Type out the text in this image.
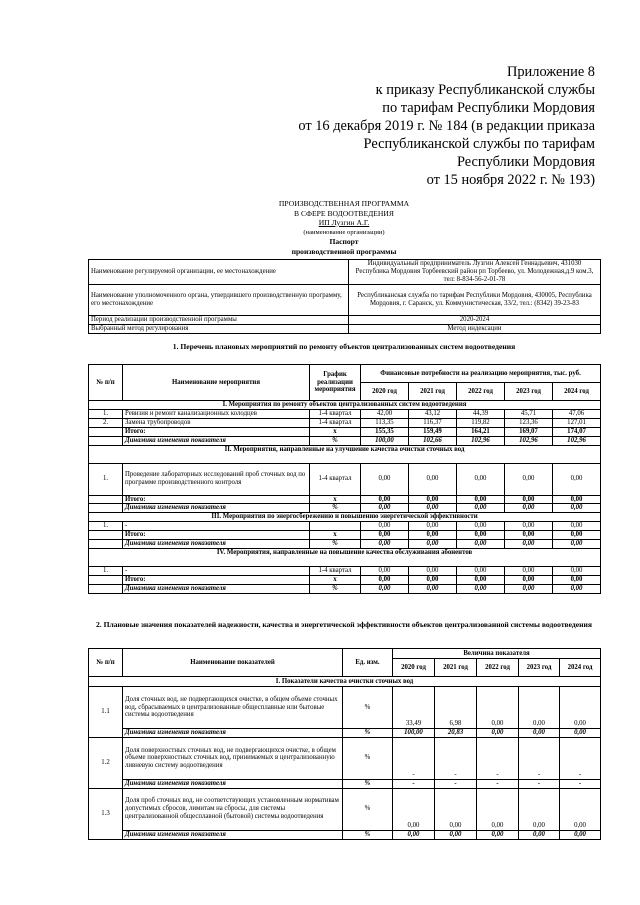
Приложение 8
к приказу Республиканской службы
по тарифам Республики Мордовия
от 16 декабря 2019 г. № 184 (в редакции приказа
Республиканской службы по тарифам
Республики Мордовия
от 15 ноября 2022 г. № 193)
ПРОИЗВОДСТВЕННАЯ ПРОГРАММА
В СФЕРЕ ВОДООТВЕДЕНИЯ
ИП Лузгин А.Г.
(наименование организации)
Паспорт
производственной программы
Наименование регулируемой организации, ее местонахождение	Индивидуальный предприниматель Лузгин Алексей Геннадьевич, 431030 Республика Мордовия Торбеевский район рп Торбеево, ул. Молодежная,д.9 ком.3, тел: 8-834-56-2-01-78
Наименование уполномоченного органа, утвердившего производственную программу, его местонахождение	Республиканская служба по тарифам Республики Мордовия, 430005, Республика Мордовия, г. Саранск, ул. Коммунистическая, 33/2, тел.: (8342) 39-23-83
Период реализации производственной программы	2020-2024
Выбранный метод регулирования	Метод индексации
1. Перечень плановых мероприятий по ремонту объектов централизованных систем водоотведения
№ п/п	Наименование мероприятия	График реализации мероприятия	Финансовые потребности на реализацию мероприятия, тыс. руб.				
			2020 год	2021 год	2022 год	2023 год	2024 год
I. Мероприятия по ремонту объектов централизованных систем водоотведения							
1.	Ревизия и ремонт канализационных колодцев	1-4 квартал	42,00	43,12	44,39	45,71	47,06
2.	Замена трубопроводов	1-4 квартал	113,35	116,37	119,82	123,36	127,01
	Итого:	x	155,35	159,49	164,21	169,07	174,07
	Динамика изменения показателя	%	100,00	102,66	102,96	102,96	102,96
II. Мероприятия, направленные на улучшение качества очистки сточных вод							
1.	Проведение лабораторных исследований проб сточных вод по программе производственного контроля	1-4 квартал	0,00	0,00	0,00	0,00	0,00
	Итого:	x	0,00	0,00	0,00	0,00	0,00
	Динамика изменения показателя	%	0,00	0,00	0,00	0,00	0,00
III. Мероприятия по энергосбережению и повышению энергетической эффективности							
1.	-		0,00	0,00	0,00	0,00	0,00
	Итого:	x	0,00	0,00	0,00	0,00	0,00
	Динамика изменения показателя	%	0,00	0,00	0,00	0,00	0,00
IV. Мероприятия, направленные на повышение качества обслуживания абонентов							
1.	-	1-4 квартал	0,00	0,00	0,00	0,00	0,00
	Итого:	x	0,00	0,00	0,00	0,00	0,00
	Динамика изменения показателя	%	0,00	0,00	0,00	0,00	0,00
2. Плановые значения показателей надежности, качества и энергетической эффективности объектов централизованной системы водоотведения
№ п/п	Наименование показателей	Ед. изм.	Величина показателя				
			2020 год	2021 год	2022 год	2023 год	2024 год
I. Показатели качества очистки сточных вод							
1.1	Доля сточных вод, не подвергающихся очистке, в общем объеме сточных вод, сбрасываемых в централизованные общесплавные или бытовые системы водоотведения	%	33,49	6,98	0,00	0,00	0,00
	Динамика изменения показателя	%	100,00	20,83	0,00	0,00	0,00
1.2	Доля поверхностных сточных вод, не подвергающихся очистке, в общем объеме поверхностных сточных вод, принимаемых в централизованную ливневую систему водоотведения	%	-	-	-	-	-
	Динамика изменения показателя	%	-	-	-	-	-
1.3	Доля проб сточных вод, не соответствующих установленным нормативам допустимых сбросов, лимитам на сбросы, для системы централизованной общесплавной (бытовой) системы водоотведения	%	0,00	0,00	0,00	0,00	0,00
	Динамика изменения показателя	%	0,00	0,00	0,00	0,00	0,00
